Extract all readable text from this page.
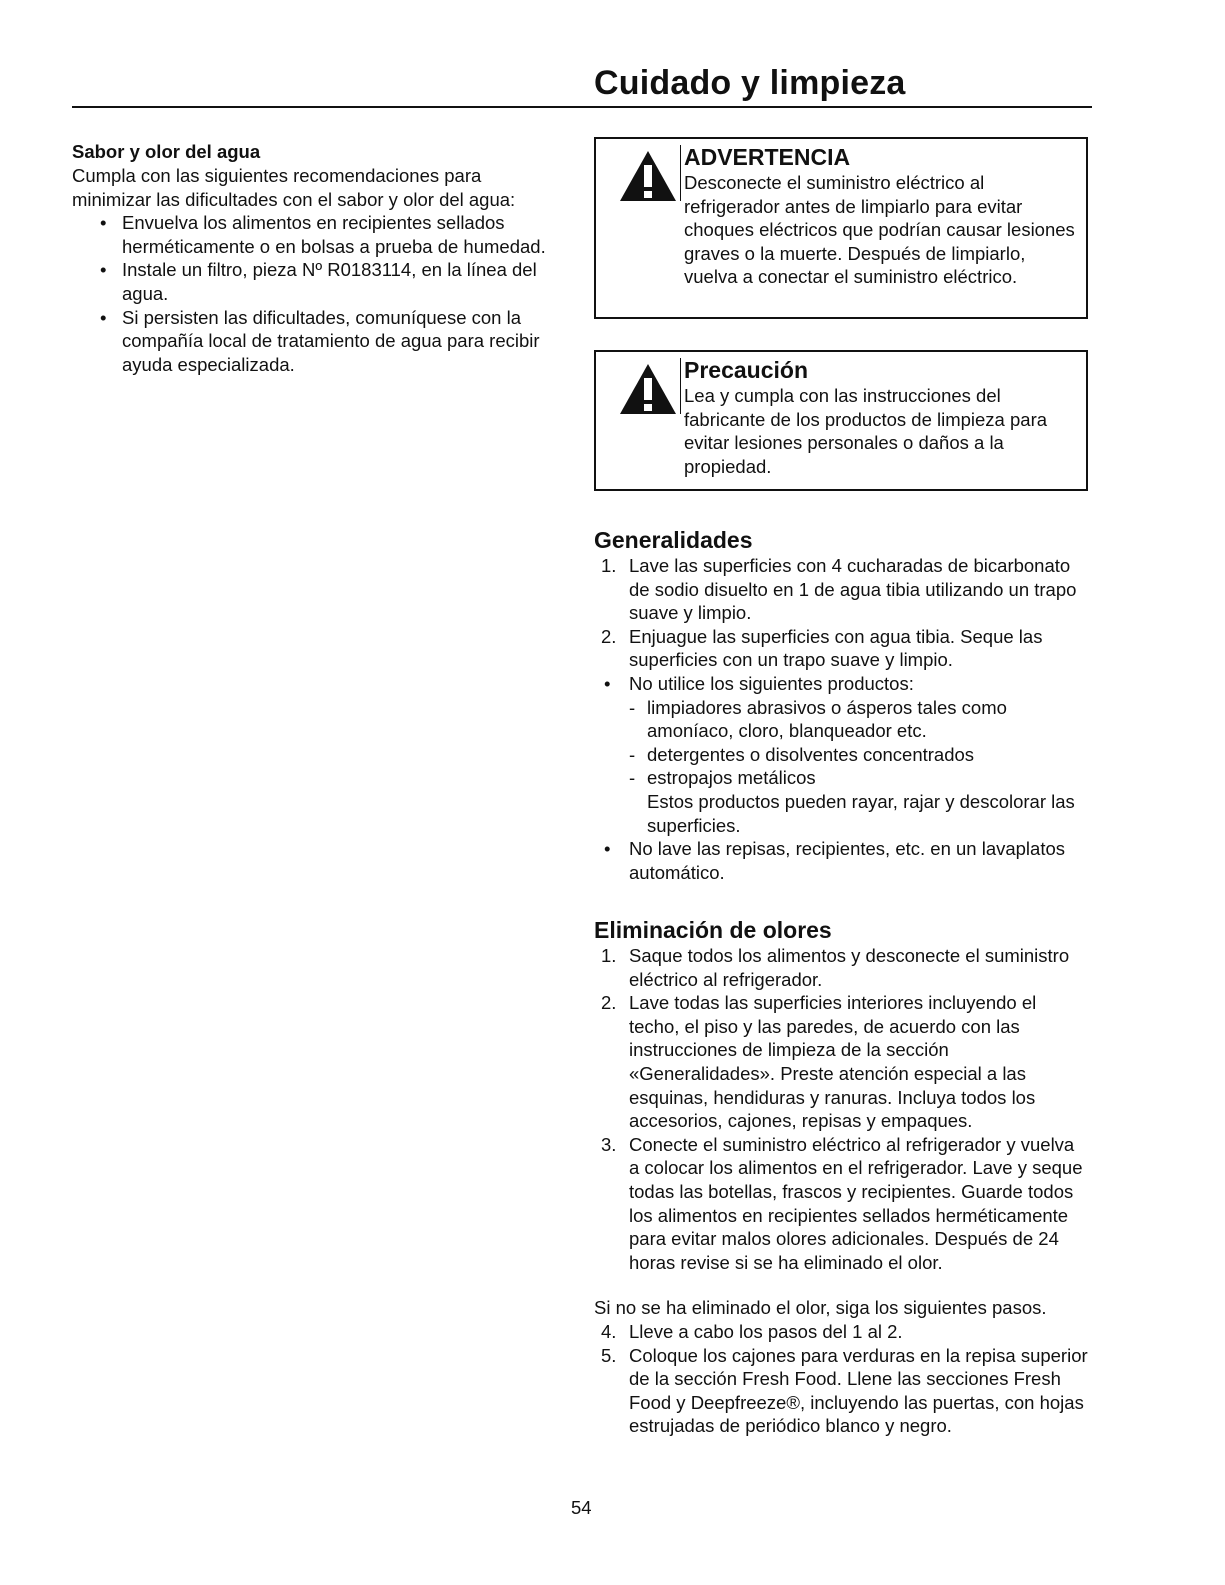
Cuidado y limpieza
Sabor y olor del agua

Cumpla con las siguientes recomendaciones para minimizar las dificultades con el sabor y olor del agua:

• Envuelva los alimentos en recipientes sellados herméticamente o en bolsas a prueba de humedad.
• Instale un filtro, pieza Nº R0183114, en la línea del agua.
• Si persisten las dificultades, comuníquese con la compañía local de tratamiento de agua para recibir ayuda especializada.

ADVERTENCIA

Desconecte el suministro eléctrico al refrigerador antes de limpiarlo para evitar choques eléctricos que podrían causar lesiones graves o la muerte. Después de limpiarlo, vuelva a conectar el suministro eléctrico.

Precaución

Lea y cumpla con las instrucciones del fabricante de los productos de limpieza para evitar lesiones personales o daños a la propiedad.

Generalidades
1. Lave las superficies con 4 cucharadas de bicarbonato de sodio disuelto en 1 de agua tibia utilizando un trapo suave y limpio.
2. Enjuague las superficies con agua tibia. Seque las superficies con un trapo suave y limpio.
• No utilice los siguientes productos:
- limpiadores abrasivos o ásperos tales como amoníaco, cloro, blanqueador etc.
- detergentes o disolventes concentrados
- estropajos metálicos

Estos productos pueden rayar, rajar y descolorar las superficies.

• No lave las repisas, recipientes, etc. en un lavaplatos automático.
Eliminación de olores
1. Saque todos los alimentos y desconecte el suministro eléctrico al refrigerador.
2. Lave todas las superficies interiores incluyendo el techo, el piso y las paredes, de acuerdo con las instrucciones de limpieza de la sección «Generalidades». Preste atención especial a las esquinas, hendiduras y ranuras. Incluya todos los accesorios, cajones, repisas y empaques.
3. Conecte el suministro eléctrico al refrigerador y vuelva a colocar los alimentos en el refrigerador. Lave y seque todas las botellas, frascos y recipientes. Guarde todos los alimentos en recipientes sellados herméticamente para evitar malos olores adicionales. Después de 24 horas revise si se ha eliminado el olor.

Si no se ha eliminado el olor, siga los siguientes pasos.

4. Lleve a cabo los pasos del 1 al 2.
5. Coloque los cajones para verduras en la repisa superior de la sección Fresh Food. Llene las secciones Fresh Food y Deepfreeze®, incluyendo las puertas, con hojas estrujadas de periódico blanco y negro.

54
